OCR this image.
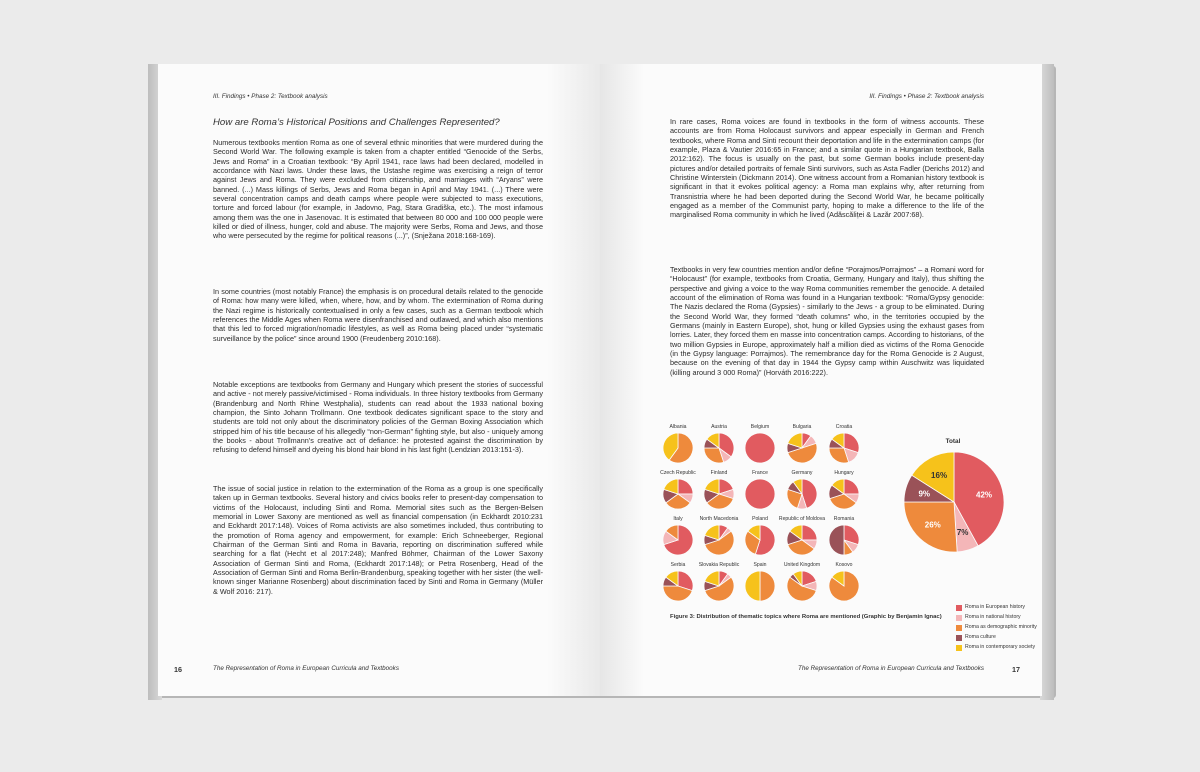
III. Findings • Phase 2: Textbook analysis
How are Roma’s Historical Positions and Challenges Represented?

Numerous textbooks mention Roma as one of several ethnic minorities that were murdered during the Second World War. The following example is taken from a chapter entitled “Genocide of the Serbs, Jews and Roma” in a Croatian textbook: “By April 1941, race laws had been declared, modelled in accordance with Nazi laws. Under these laws, the Ustashe regime was exercising a reign of terror against Jews and Roma. They were excluded from citizenship, and marriages with “Aryans” were banned. (...) Mass killings of Serbs, Jews and Roma began in April and May 1941. (...) There were several concentration camps and death camps where people were subjected to mass executions, torture and forced labour (for example, in Jadovno, Pag, Stara Gradiška, etc.). The most infamous among them was the one in Jasenovac. It is estimated that between 80 000 and 100 000 people were killed or died of illness, hunger, cold and abuse. The majority were Serbs, Roma and Jews, and those who were persecuted by the regime for political reasons (...)”, (Snježana 2018:168-169).

In some countries (most notably France) the emphasis is on procedural details related to the genocide of Roma: how many were killed, when, where, how, and by whom. The extermination of Roma during the Nazi regime is historically contextualised in only a few cases, such as a German textbook which references the Middle Ages when Roma were disenfranchised and outlawed, and which also mentions that this led to forced migration/nomadic lifestyles, as well as Roma being placed under “systematic surveillance by the police” since around 1900 (Freudenberg 2010:168).

Notable exceptions are textbooks from Germany and Hungary which present the stories of successful and active - not merely passive/victimised - Roma individuals. In three history textbooks from Germany (Brandenburg and North Rhine Westphalia), students can read about the 1933 national boxing champion, the Sinto Johann Trollmann. One textbook dedicates significant space to the story and students are told not only about the discriminatory policies of the German Boxing Association which stripped him of his title because of his allegedly “non-German” fighting style, but also - uniquely among the books - about Trollmann’s creative act of defiance: he protested against the discrimination by refusing to defend himself and dyeing his blond hair blond in his last fight (Lendzian 2013:151-3).

The issue of social justice in relation to the extermination of the Roma as a group is one specifically taken up in German textbooks. Several history and civics books refer to present-day compensation to victims of the Holocaust, including Sinti and Roma. Memorial sites such as the Bergen-Belsen memorial in Lower Saxony are mentioned as well as financial compensation (in Eckhardt 2010:231 and Eckhardt 2017:148). Voices of Roma activists are also sometimes included, thus contributing to the promotion of Roma agency and empowerment, for example: Erich Schneeberger, Regional Chairman of the German Sinti and Roma in Bavaria, reporting on discrimination suffered while searching for a flat (Hecht et al 2017:248); Manfred Böhmer, Chairman of the Lower Saxony Association of German Sinti and Roma, (Eckhardt 2017:148); or Petra Rosenberg, Head of the Association of German Sinti and Roma Berlin-Brandenburg, speaking together with her sister (the well-known singer Marianne Rosenberg) about discrimination faced by Sinti and Roma in Germany (Müller & Wolf 2016: 217).

16	The Representation of Roma in European Curricula and Textbooks
III. Findings • Phase 2: Textbook analysis

In rare cases, Roma voices are found in textbooks in the form of witness accounts. These accounts are from Roma Holocaust survivors and appear especially in German and French textbooks, where Roma and Sinti recount their deportation and life in the extermination camps (for example, Plaza & Vautier 2016:65 in France; and a similar quote in a Hungarian textbook, Balla 2012:162). The focus is usually on the past, but some German books include present-day pictures and/or detailed portraits of female Sinti survivors, such as Asta Fadler (Derichs 2012) and Christine Winterstein (Dickmann 2014). One witness account from a Romanian history textbook is significant in that it evokes political agency: a Roma man explains why, after returning from Transnistria where he had been deported during the Second World War, he became politically engaged as a member of the Communist party, hoping to make a difference to the life of the marginalised Roma community in which he lived (Adăscăliței & Lazăr 2007:68).

Textbooks in very few countries mention and/or define “Porajmos/Porrajmos” – a Romani word for “Holocaust” (for example, textbooks from Croatia, Germany, Hungary and Italy), thus shifting the perspective and giving a voice to the way Roma communities remember the genocide. A detailed account of the elimination of Roma was found in a Hungarian textbook: “Roma/Gypsy genocide: The Nazis declared the Roma (Gypsies) - similarly to the Jews - a group to be eliminated. During the Second World War, they formed “death columns” who, in the territories occupied by the Germans (mainly in Eastern Europe), shot, hung or killed Gypsies using the exhaust gases from lorries. Later, they forced them en masse into concentration camps. According to historians, of the two million Gypsies in Europe, approximately half a million died as victims of the Roma Genocide (in the Gypsy language: Porrajmos). The remembrance day for the Roma Genocide is 2 August, because on the evening of that day in 1944 the Gypsy camp within Auschwitz was liquidated (killing around 3 000 Roma)” (Horváth 2016:222).

Albania	Austria	Belgium	Bulgaria	Croatia
Czech Republic	Finland	France	Germany	Hungary
Italy	North Macedonia	Poland	Republic of Moldova	Romania
Serbia	Slovakia Republic	Spain	United Kingdom	Kosovo
Total
42%
7%
26%
9%
16%
Roma in European history
Roma in national history
Roma as demographic minority
Roma culture
Roma in contemporary society
Figure 3: Distribution of thematic topics where Roma are mentioned (Graphic by Benjamin Ignac)
The Representation of Roma in European Curricula and Textbooks	17
